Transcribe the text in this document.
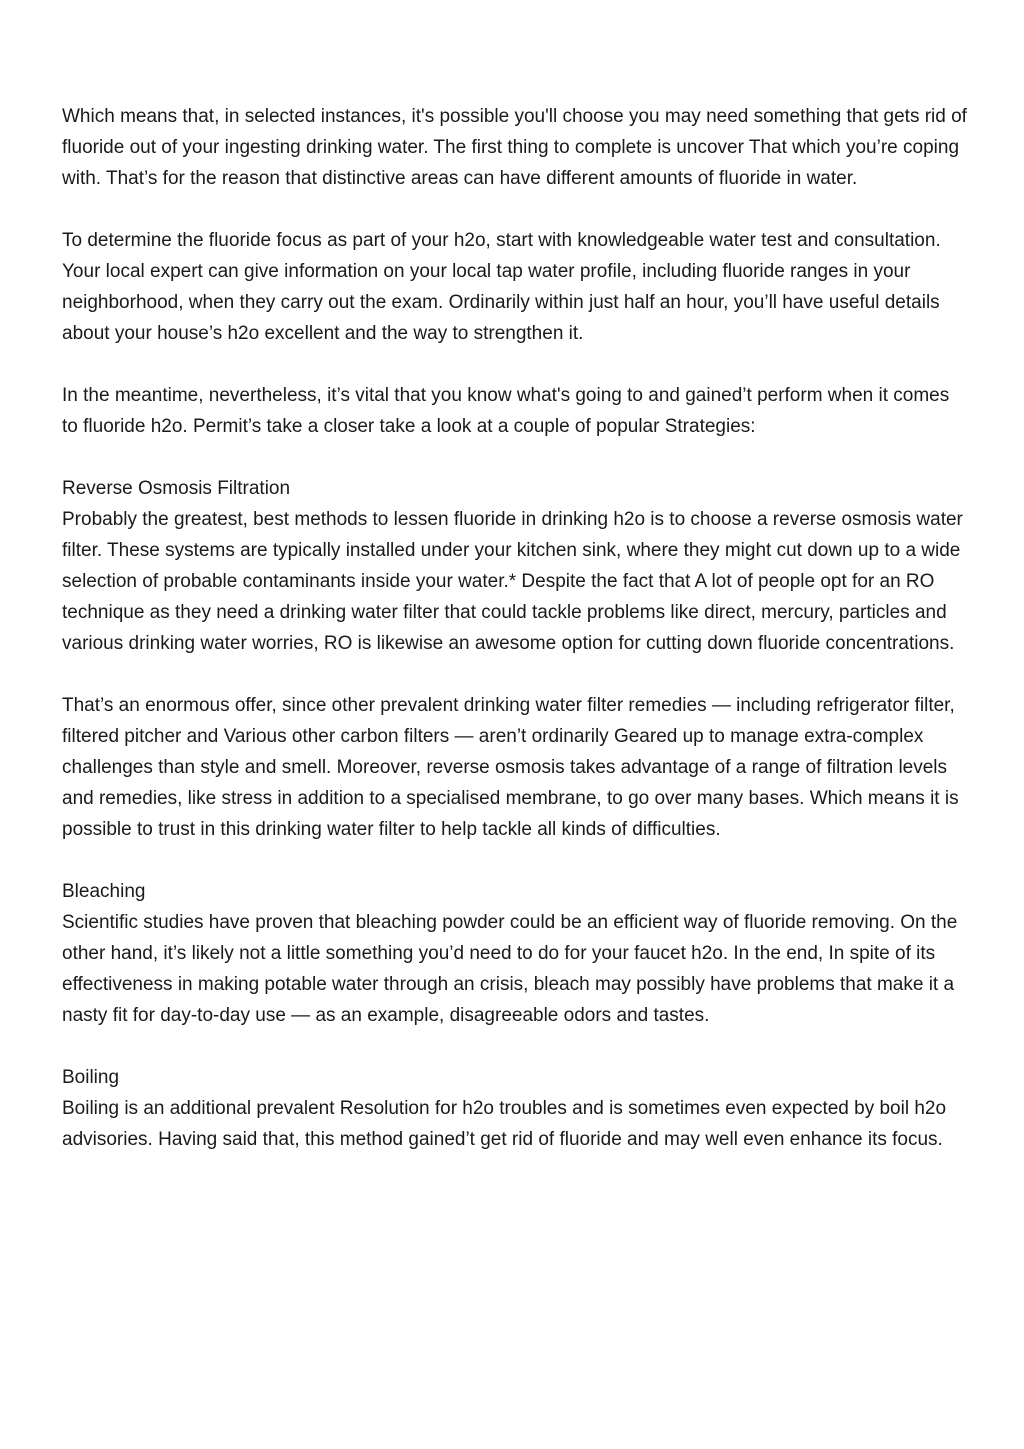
Which means that, in selected instances, it's possible you'll choose you may need something that gets rid of fluoride out of your ingesting drinking water. The first thing to complete is uncover That which you’re coping with. That’s for the reason that distinctive areas can have different amounts of fluoride in water.

To determine the fluoride focus as part of your h2o, start with knowledgeable water test and consultation. Your local expert can give information on your local tap water profile, including fluoride ranges in your neighborhood, when they carry out the exam. Ordinarily within just half an hour, you’ll have useful details about your house’s h2o excellent and the way to strengthen it.

In the meantime, nevertheless, it’s vital that you know what's going to and gained’t perform when it comes to fluoride h2o. Permit’s take a closer take a look at a couple of popular Strategies:

Reverse Osmosis Filtration

Probably the greatest, best methods to lessen fluoride in drinking h2o is to choose a reverse osmosis water filter. These systems are typically installed under your kitchen sink, where they might cut down up to a wide selection of probable contaminants inside your water.* Despite the fact that A lot of people opt for an RO technique as they need a drinking water filter that could tackle problems like direct, mercury, particles and various drinking water worries, RO is likewise an awesome option for cutting down fluoride concentrations.

That’s an enormous offer, since other prevalent drinking water filter remedies — including refrigerator filter, filtered pitcher and Various other carbon filters — aren’t ordinarily Geared up to manage extra-complex challenges than style and smell. Moreover, reverse osmosis takes advantage of a range of filtration levels and remedies, like stress in addition to a specialised membrane, to go over many bases. Which means it is possible to trust in this drinking water filter to help tackle all kinds of difficulties.

Bleaching

Scientific studies have proven that bleaching powder could be an efficient way of fluoride removing. On the other hand, it’s likely not a little something you’d need to do for your faucet h2o. In the end, In spite of its effectiveness in making potable water through an crisis, bleach may possibly have problems that make it a nasty fit for day-to-day use — as an example, disagreeable odors and tastes.

Boiling

Boiling is an additional prevalent Resolution for h2o troubles and is sometimes even expected by boil h2o advisories. Having said that, this method gained’t get rid of fluoride and may well even enhance its focus.
